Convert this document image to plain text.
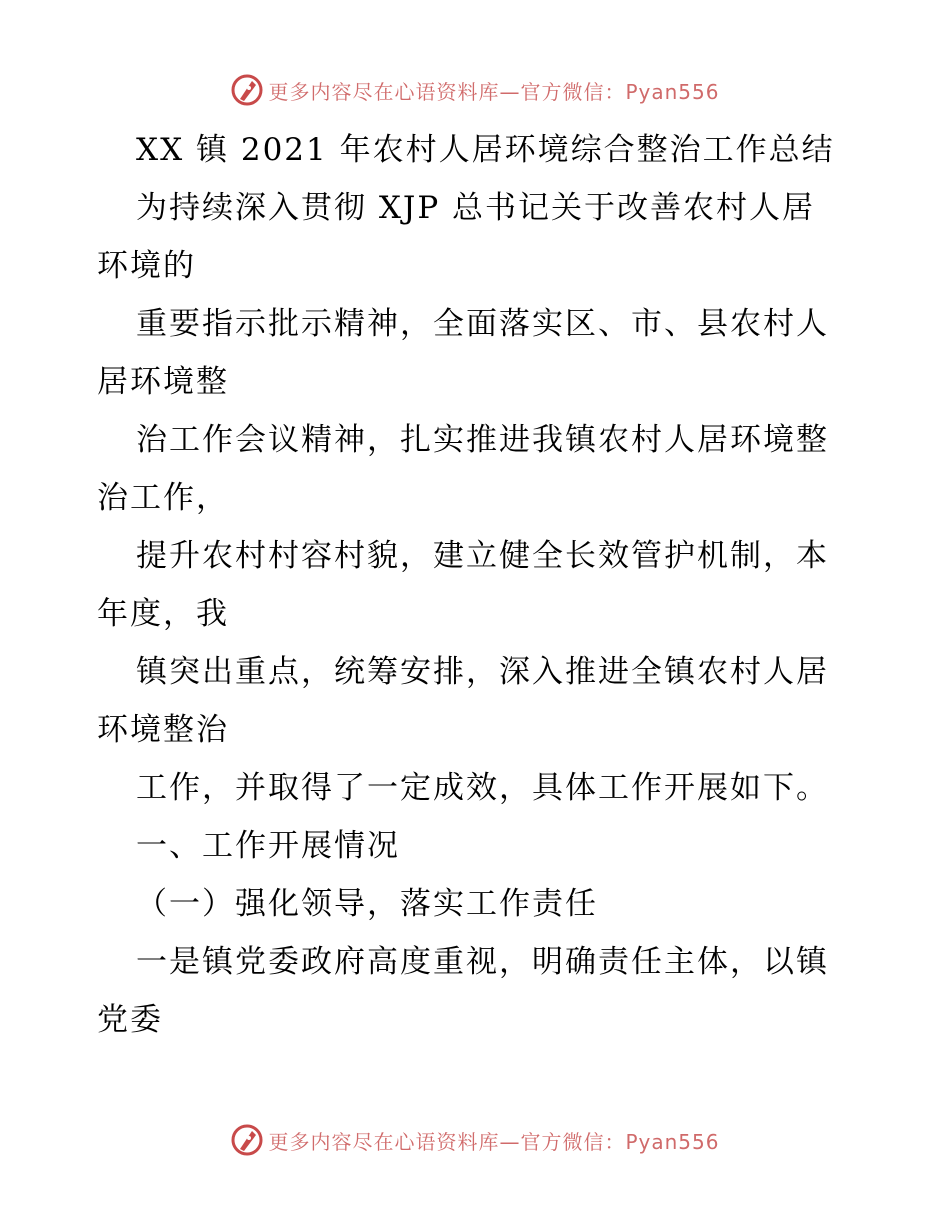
更多内容尽在心语资料库—官方微信：Pyan556
XX 镇 2021 年农村人居环境综合整治工作总结
为持续深入贯彻 XJP 总书记关于改善农村人居
环境的
重要指示批示精神，全面落实区、市、县农村人
居环境整
治工作会议精神，扎实推进我镇农村人居环境整
治工作，
提升农村村容村貌，建立健全长效管护机制，本
年度，我
镇突出重点，统筹安排，深入推进全镇农村人居
环境整治
工作，并取得了一定成效，具体工作开展如下。
一、工作开展情况
（一）强化领导，落实工作责任
一是镇党委政府高度重视，明确责任主体，以镇
党委
更多内容尽在心语资料库—官方微信：Pyan556
